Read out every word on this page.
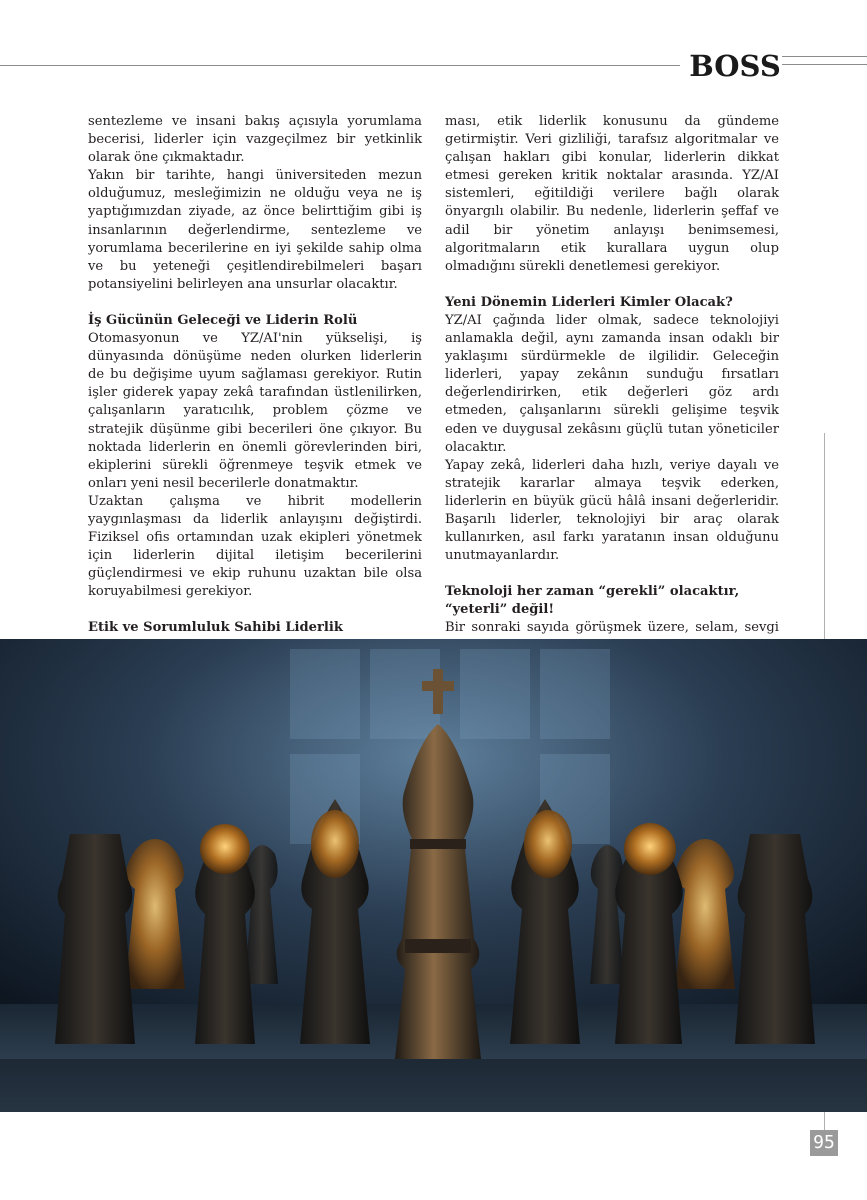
BOSS

sentezleme ve insani bakış açısıyla yorumlama becerisi, liderler için vazgeçilmez bir yetkinlik olarak öne çıkmaktadır.

Yakın bir tarihte, hangi üniversiteden mezun olduğumuz, mesleğimizin ne olduğu veya ne iş yaptığımızdan ziyade, az önce belirttiğim gibi iş insanlarının değerlendirme, sentezleme ve yorumlama becerilerine en iyi şekilde sahip olma ve bu yeteneği çeşitlendirebilmeleri başarı potansiyelini belirleyen ana unsurlar olacaktır.

İş Gücünün Geleceği ve Liderin Rolü

Otomasyonun ve YZ/AI'nin yükselişi, iş dünyasında dönüşüme neden olurken liderlerin de bu değişime uyum sağlaması gerekiyor. Rutin işler giderek yapay zekâ tarafından üstlenilirken, çalışanların yaratıcılık, problem çözme ve stratejik düşünme gibi becerileri öne çıkıyor. Bu noktada liderlerin en önemli görevlerinden biri, ekiplerini sürekli öğrenmeye teşvik etmek ve onları yeni nesil becerilerle donatmaktır.

Uzaktan çalışma ve hibrit modellerin yaygınlaşması da liderlik anlayışını değiştirdi. Fiziksel ofis ortamından uzak ekipleri yönetmek için liderlerin dijital iletişim becerilerini güçlendirmesi ve ekip ruhunu uzaktan bile olsa koruyabilmesi gerekiyor.

Etik ve Sorumluluk Sahibi Liderlik

ması, etik liderlik konusunu da gündeme getirmiştir. Veri gizliliği, tarafsız algoritmalar ve çalışan hakları gibi konular, liderlerin dikkat etmesi gereken kritik noktalar arasında. YZ/AI sistemleri, eğitildiği verilere bağlı olarak önyargılı olabilir. Bu nedenle, liderlerin şeffaf ve adil bir yönetim anlayışı benimsemesi, algoritmaların etik kurallara uygun olup olmadığını sürekli denetlemesi gerekiyor.

Yeni Dönemin Liderleri Kimler Olacak?

YZ/AI çağında lider olmak, sadece teknolojiyi anlamakla değil, aynı zamanda insan odaklı bir yaklaşımı sürdürmekle de ilgilidir. Geleceğin liderleri, yapay zekânın sunduğu fırsatları değerlendirirken, etik değerleri göz ardı etmeden, çalışanlarını sürekli gelişime teşvik eden ve duygusal zekâsını güçlü tutan yöneticiler olacaktır.

Yapay zekâ, liderleri daha hızlı, veriye dayalı ve stratejik kararlar almaya teşvik ederken, liderlerin en büyük gücü hâlâ insani değerleridir. Başarılı liderler, teknolojiyi bir araç olarak kullanırken, asıl farkı yaratanın insan olduğunu unutmayanlardır.

Teknoloji her zaman “gerekli” olacaktır, “yeterli” değil!

Bir sonraki sayıda görüşmek üzere, selam, sevgi

95
